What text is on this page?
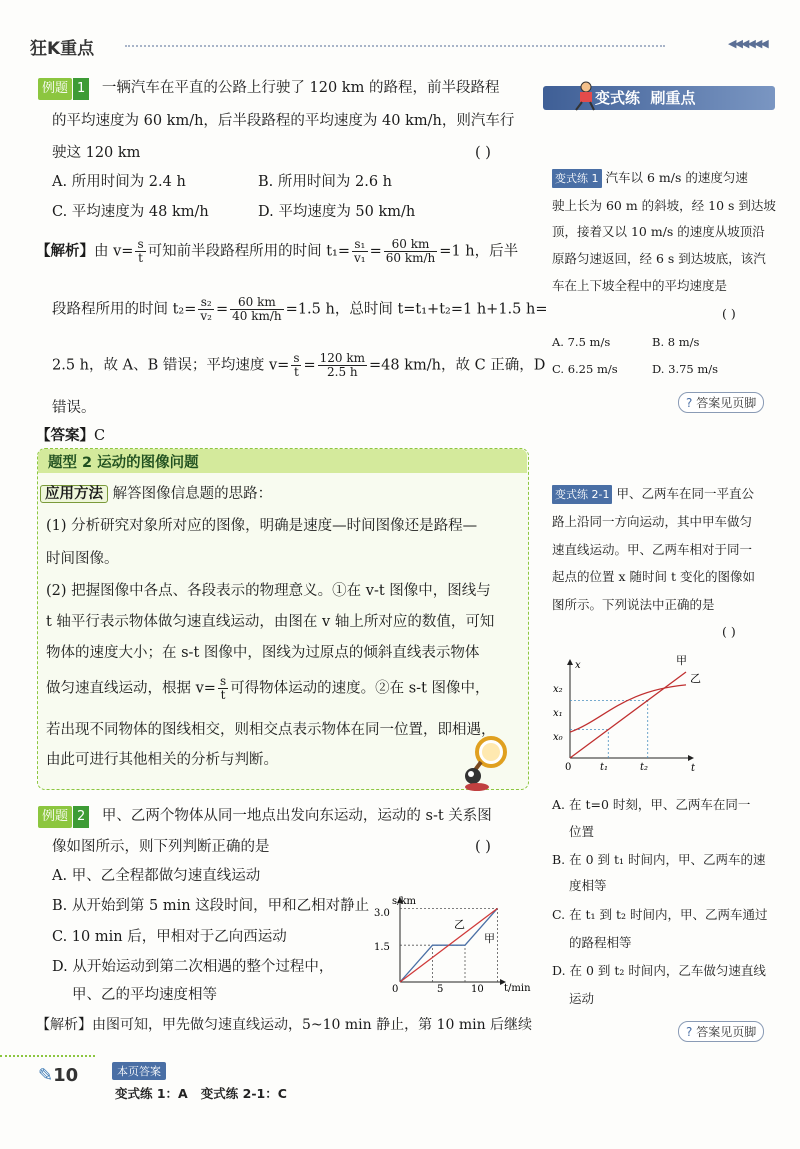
狂K重点	◀◀◀◀◀◀
例题 1 一辆汽车在平直的公路上行驶了 120 km 的路程，前半段路程
的平均速度为 60 km/h，后半段路程的平均速度为 40 km/h，则汽车行
驶这 120 km	( )
A. 所用时间为 2.4 h	B. 所用时间为 2.6 h
C. 平均速度为 48 km/h	D. 平均速度为 50 km/h
【解析】由 $v= \frac{s}{t}$ 可知前半段路程所用的时间 $t_1= \frac{\text{s₁}}{\text{v₁}} = \frac{60 km}{60 km/h} =1$ h，后半
段路程所用的时间 $t_2= \frac{\text{s₂}}{\text{v₂}} = \frac{60 km}{40 km/h} =1.5$ h，总时间 t=t₁+t₂=1 h+1.5 h=
2.5 h，故 A、B 错误；平均速度 $v= \frac{s}{t} = \frac{120 km}{2.5 h} =48$ km/h，故 C 正确，D
错误。
【答案】C
题型 2 运动的图像问题
应用方法 解答图像信息题的思路：
(1) 分析研究对象所对应的图像，明确是速度—时间图像还是路程—
时间图像。
(2) 把握图像中各点、各段表示的物理意义。①在 v-t 图像中，图线与
t 轴平行表示物体做匀速直线运动，由图在 v 轴上所对应的数值，可知
物体的速度大小；在 s-t 图像中，图线为过原点的倾斜直线表示物体
做匀速直线运动，根据 $v= \frac{s}{t}$ 可得物体运动的速度。②在 s-t 图像中，
若出现不同物体的图线相交，则相交点表示物体在同一位置，即相遇，
由此可进行其他相关的分析与判断。
例题 2 甲、乙两个物体从同一地点出发向东运动，运动的 s-t 关系图
像如图所示，则下列判断正确的是	( )
A. 甲、乙全程都做匀速直线运动
B. 从开始到第 5 min 这段时间，甲和乙相对静止
C. 10 min 后，甲相对于乙向西运动
D. 从开始运动到第二次相遇的整个过程中，
甲、乙的平均速度相等
【解析】由图可知，甲先做匀速直线运动，5~10 min 静止，第 10 min 后继续
s/km
t/min
3.0
1.5
5	10
0
乙
甲
✎10	本页答案
变式练 1：A   变式练 2-1：C
变式练  刷重点
变式练 1 汽车以 6 m/s 的速度匀速
驶上长为 60 m 的斜坡，经 10 s 到达坡
顶，接着又以 10 m/s 的速度从坡顶沿
原路匀速返回，经 6 s 到达坡底，该汽
车在上下坡全程中的平均速度是
( )
A. 7.5 m/s	B. 8 m/s
C. 6.25 m/s	D. 3.75 m/s
? 答案见页脚
变式练 2-1 甲、乙两车在同一平直公
路上沿同一方向运动，其中甲车做匀
速直线运动。甲、乙两车相对于同一
起点的位置 x 随时间 t 变化的图像如
图所示。下列说法中正确的是
( )
x
t
x₂
x₁
x₀
0	t₁	t₂
甲
乙
A. 在 t=0 时刻，甲、乙两车在同一
位置
B. 在 0 到 t₁ 时间内，甲、乙两车的速
度相等
C. 在 t₁ 到 t₂ 时间内，甲、乙两车通过
的路程相等
D. 在 0 到 t₂ 时间内，乙车做匀速直线
运动
? 答案见页脚
